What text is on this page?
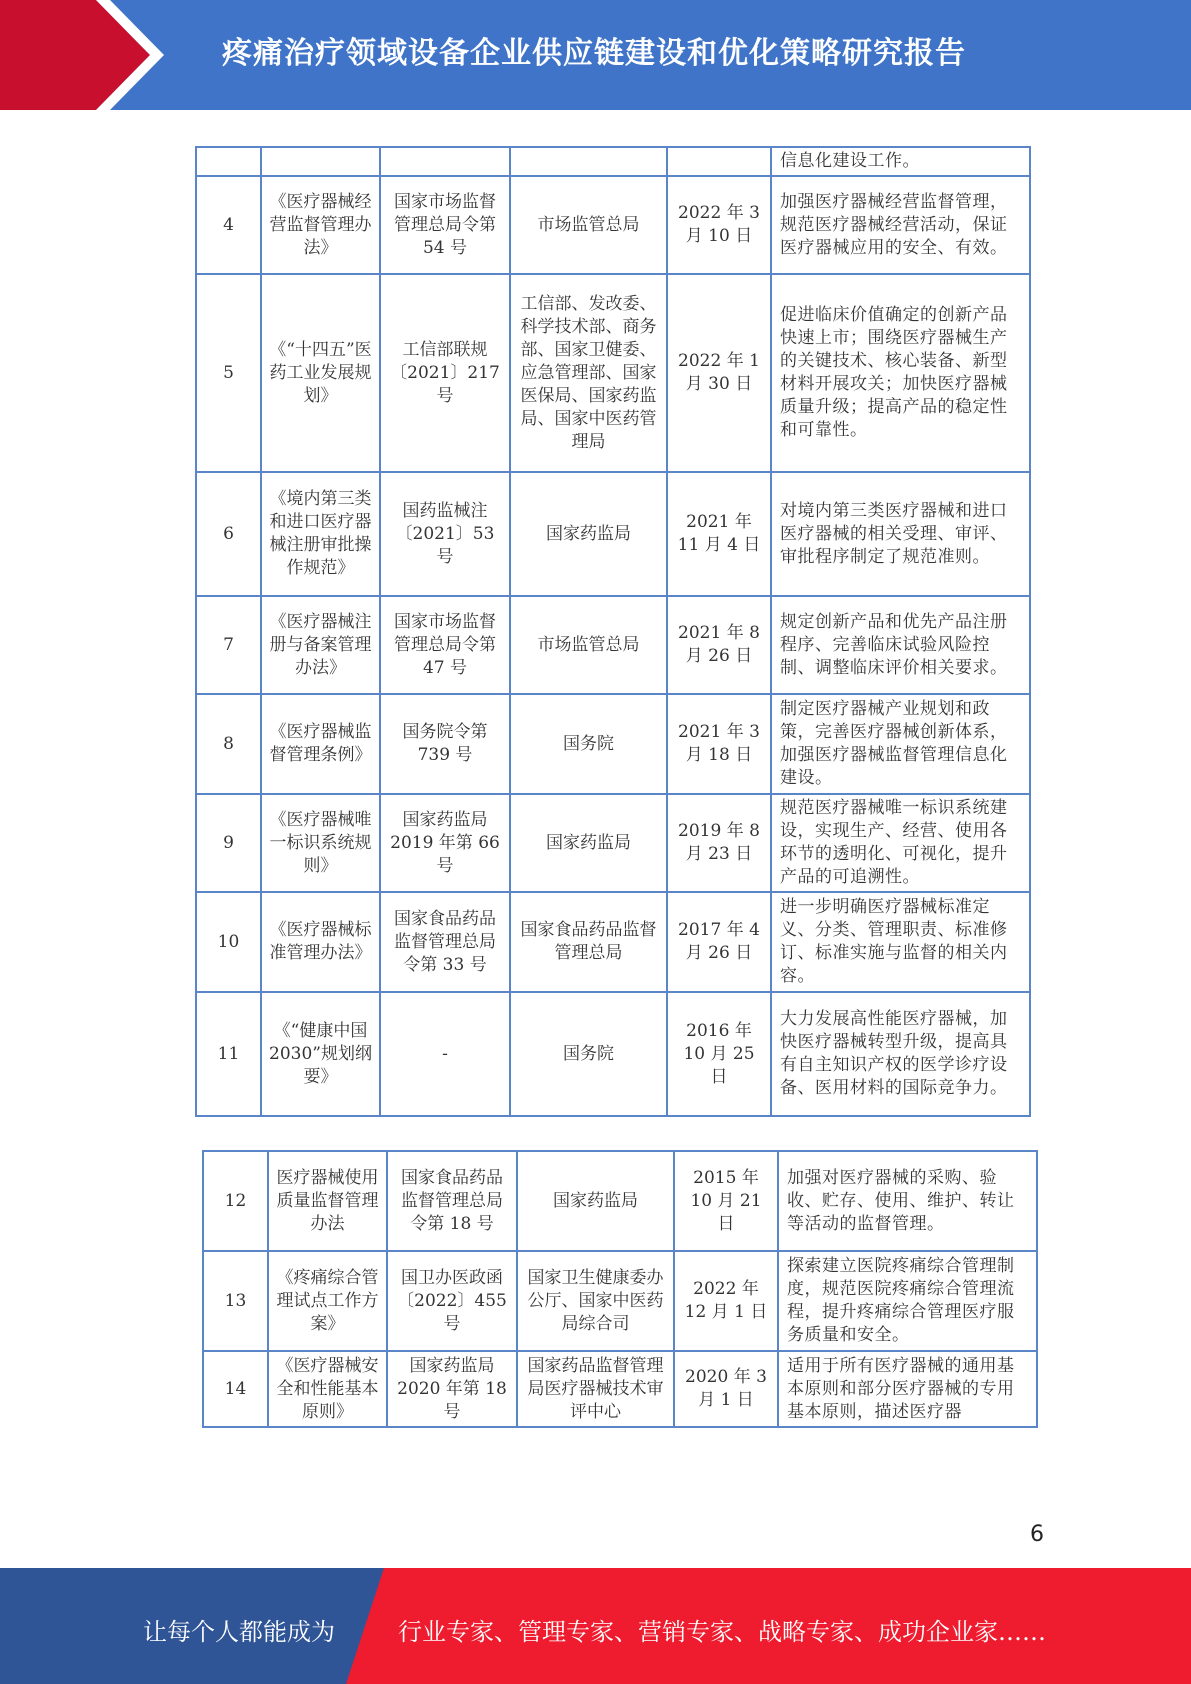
疼痛治疗领域设备企业供应链建设和优化策略研究报告
					信息化建设工作。
4	《医疗器械经营监督管理办法》	国家市场监督管理总局令第 54 号	市场监管总局	2022 年 3 月 10 日	加强医疗器械经营监督管理，规范医疗器械经营活动，保证医疗器械应用的安全、有效。
5	《“十四五”医药工业发展规划》	工信部联规〔2021〕217 号	工信部、发改委、科学技术部、商务部、国家卫健委、应急管理部、国家医保局、国家药监局、国家中医药管理局	2022 年 1 月 30 日	促进临床价值确定的创新产品快速上市；围绕医疗器械生产的关键技术、核心装备、新型材料开展攻关；加快医疗器械质量升级；提高产品的稳定性和可靠性。
6	《境内第三类和进口医疗器械注册审批操作规范》	国药监械注〔2021〕53 号	国家药监局	2021 年 11 月 4 日	对境内第三类医疗器械和进口医疗器械的相关受理、审评、审批程序制定了规范准则。
7	《医疗器械注册与备案管理办法》	国家市场监督管理总局令第 47 号	市场监管总局	2021 年 8 月 26 日	规定创新产品和优先产品注册程序、完善临床试验风险控制、调整临床评价相关要求。
8	《医疗器械监督管理条例》	国务院令第 739 号	国务院	2021 年 3 月 18 日	制定医疗器械产业规划和政策，完善医疗器械创新体系，加强医疗器械监督管理信息化建设。
9	《医疗器械唯一标识系统规则》	国家药监局 2019 年第 66 号	国家药监局	2019 年 8 月 23 日	规范医疗器械唯一标识系统建设，实现生产、经营、使用各环节的透明化、可视化，提升产品的可追溯性。
10	《医疗器械标准管理办法》	国家食品药品监督管理总局令第 33 号	国家食品药品监督管理总局	2017 年 4 月 26 日	进一步明确医疗器械标准定义、分类、管理职责、标准修订、标准实施与监督的相关内容。
11	《“健康中国 2030”规划纲要》	-	国务院	2016 年 10 月 25 日	大力发展高性能医疗器械，加快医疗器械转型升级，提高具有自主知识产权的医学诊疗设备、医用材料的国际竞争力。
12	医疗器械使用质量监督管理办法	国家食品药品监督管理总局令第 18 号	国家药监局	2015 年 10 月 21 日	加强对医疗器械的采购、验收、贮存、使用、维护、转让等活动的监督管理。
13	《疼痛综合管理试点工作方案》	国卫办医政函〔2022〕455 号	国家卫生健康委办公厅、国家中医药局综合司	2022 年 12 月 1 日	探索建立医院疼痛综合管理制度，规范医院疼痛综合管理流程，提升疼痛综合管理医疗服务质量和安全。
14	《医疗器械安全和性能基本原则》	国家药监局 2020 年第 18 号	国家药品监督管理局医疗器械技术审评中心	2020 年 3 月 1 日	适用于所有医疗器械的通用基本原则和部分医疗器械的专用基本原则，描述医疗器
6
让每个人都能成为	行业专家、管理专家、营销专家、战略专家、成功企业家……
